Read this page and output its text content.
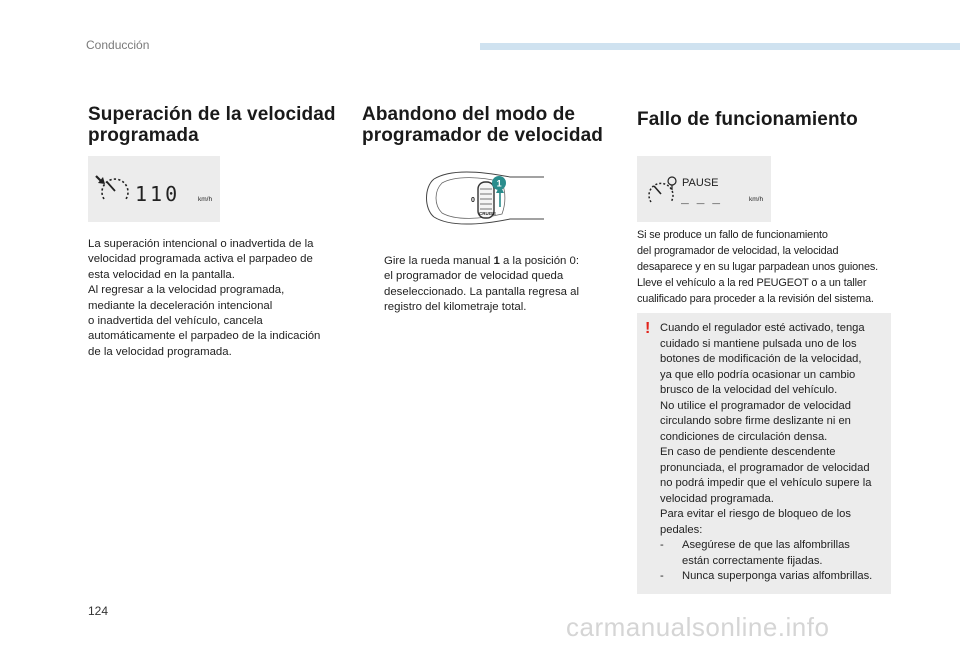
Conducción
Superación de la velocidad
programada
110	km/h
La superación intencional o inadvertida de la
velocidad programada activa el parpadeo de
esta velocidad en la pantalla.
Al regresar a la velocidad programada,
mediante la deceleración intencional
o inadvertida del vehículo, cancela
automáticamente el parpadeo de la indicación
de la velocidad programada.
Abandono del modo de
programador de velocidad
0
CRUISE
1
Gire la rueda manual 1 a la posición 0:
el programador de velocidad queda
deseleccionado. La pantalla regresa al
registro del kilometraje total.
Fallo de funcionamiento
PAUSE
_ _ _	km/h
Si se produce un fallo de funcionamiento
del programador de velocidad, la velocidad
desaparece y en su lugar parpadean unos guiones.
Lleve el vehículo a la red PEUGEOT o a un taller
cualificado para proceder a la revisión del sistema.
! Cuando el regulador esté activado, tenga
cuidado si mantiene pulsada uno de los
botones de modificación de la velocidad,
ya que ello podría ocasionar un cambio
brusco de la velocidad del vehículo.
No utilice el programador de velocidad
circulando sobre firme deslizante ni en
condiciones de circulación densa.
En caso de pendiente descendente
pronunciada, el programador de velocidad
no podrá impedir que el vehículo supere la
velocidad programada.
Para evitar el riesgo de bloqueo de los
pedales:
- Asegúrese de que las alfombrillas
están correctamente fijadas.
- Nunca superponga varias alfombrillas.
124
carmanualsonline.info
